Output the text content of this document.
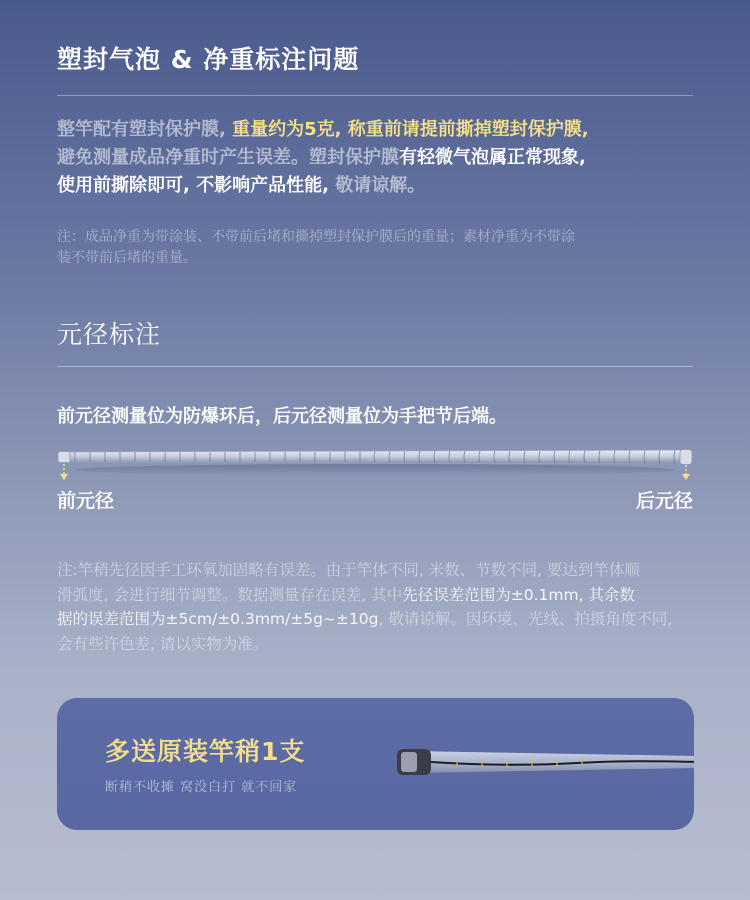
塑封气泡 & 净重标注问题
整竿配有塑封保护膜, 重量约为5克, 称重前请提前撕掉塑封保护膜,
避免测量成品净重时产生误差。塑封保护膜有轻微气泡属正常现象,
使用前撕除即可, 不影响产品性能, 敬请谅解。
注：成品净重为带涂装、不带前后堵和撕掉塑封保护膜后的重量；素材净重为不带涂
装不带前后堵的重量。
元径标注
前元径测量位为防爆环后，后元径测量位为手把节后端。
前元径	后元径
注:竿稍先径因手工环氧加固略有误差。由于竿体不同, 米数、节数不同, 要达到竿体顺
滑弧度, 会进行细节调整。数据测量存在误差, 其中先径误差范围为±0.1mm, 其余数
据的误差范围为±5cm/±0.3mm/±5g~±10g, 敬请谅解。因环境、光线、拍摄角度不同,
会有些许色差, 请以实物为准。
多送原装竿稍1支
断稍不收摊 窝没白打 就不回家
